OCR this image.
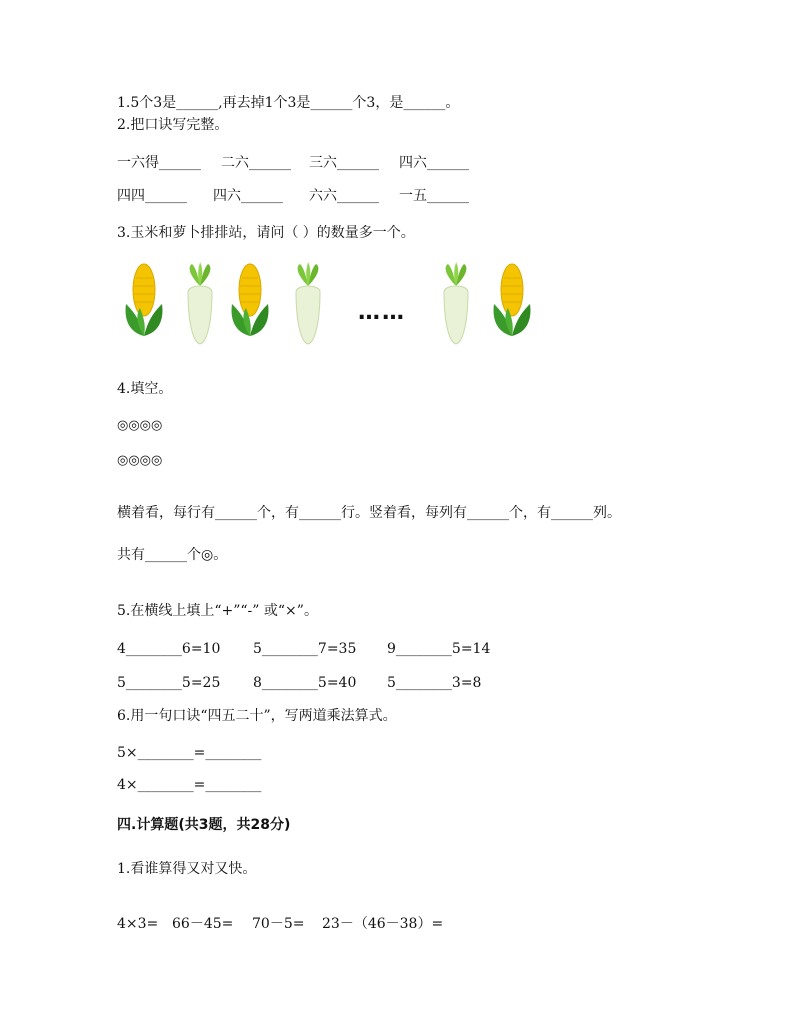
1.5个3是______,再去掉1个3是______个3，是______。
2.把口诀写完整。
一六得______	二六______	三六______	四六______
四四______	四六______	六六______	一五______
3.玉米和萝卜排排站，请问（ ）的数量多一个。
……
4.填空。
◎◎◎◎
◎◎◎◎
横着看，每行有______个，有______行。竖着看，每列有______个，有______列。
共有______个◎。
5.在横线上填上“+”“-” 或“×”。
4________6=10	5________7=35	9________5=14
5________5=25	8________5=40	5________3=8
6.用一句口诀“四五二十”，写两道乘法算式。
5×________=________
4×________=________
四.计算题(共3题，共28分)
1.看谁算得又对又快。
4×3= 66－45=	70－5=	23－（46－38）=
